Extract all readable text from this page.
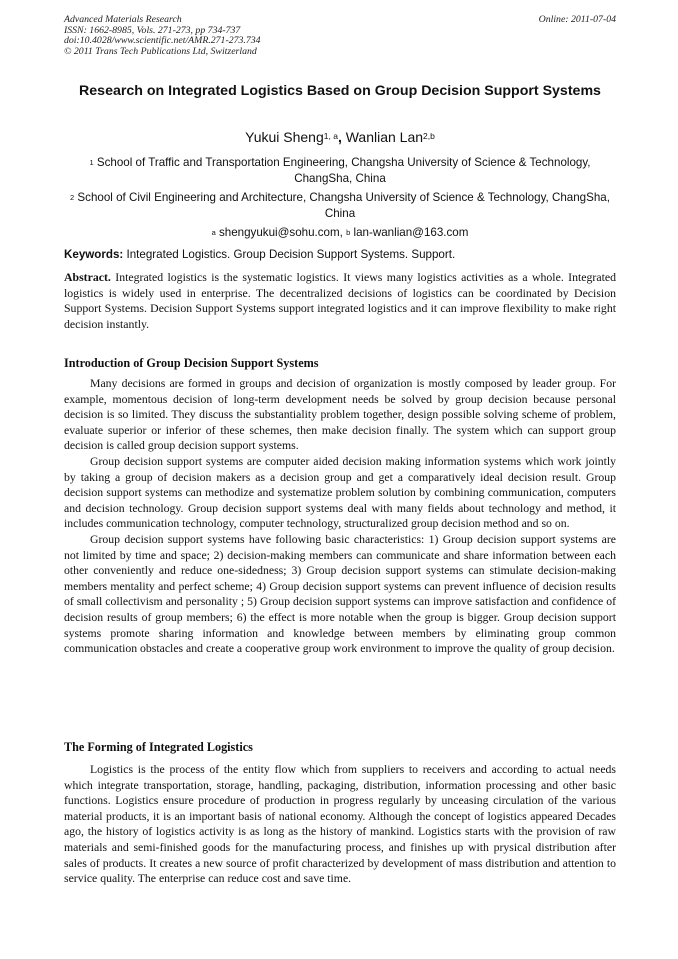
Advanced Materials Research
ISSN: 1662-8985, Vols. 271-273, pp 734-737
doi:10.4028/www.scientific.net/AMR.271-273.734
© 2011 Trans Tech Publications Ltd, Switzerland
Online: 2011-07-04
Research on Integrated Logistics Based on Group Decision Support Systems
Yukui Sheng$^{1, a}$, Wanlian Lan$^{2,b}$
$^1$ School of Traffic and Transportation Engineering, Changsha University of Science & Technology, ChangSha, China
$^2$ School of Civil Engineering and Architecture, Changsha University of Science & Technology, ChangSha, China
$^a$ shengyukui@sohu.com, $^b$ lan-wanlian@163.com
Keywords: Integrated Logistics. Group Decision Support Systems. Support.
Abstract. Integrated logistics is the systematic logistics. It views many logistics activities as a whole. Integrated logistics is widely used in enterprise. The decentralized decisions of logistics can be coordinated by Decision Support Systems. Decision Support Systems support integrated logistics and it can improve flexibility to make right decision instantly.
Introduction of Group Decision Support Systems

Many decisions are formed in groups and decision of organization is mostly composed by leader group. For example, momentous decision of long-term development needs be solved by group decision because personal decision is so limited. They discuss the substantiality problem together, design possible solving scheme of problem, evaluate superior or inferior of these schemes, then make decision finally. The system which can support group decision is called group decision support systems.

Group decision support systems are computer aided decision making information systems which work jointly by taking a group of decision makers as a decision group and get a comparatively ideal decision result. Group decision support systems can methodize and systematize problem solution by combining communication, computers and decision technology. Group decision support systems deal with many fields about technology and method, it includes communication technology, computer technology, structuralized group decision method and so on.

Group decision support systems have following basic characteristics: 1) Group decision support systems are not limited by time and space; 2) decision-making members can communicate and share information between each other conveniently and reduce one-sidedness; 3) Group decision support systems can stimulate decision-making members mentality and perfect scheme; 4) Group decision support systems can prevent influence of decision results of small collectivism and personality ; 5) Group decision support systems can improve satisfaction and confidence of decision results of group members; 6) the effect is more notable when the group is bigger. Group decision support systems promote sharing information and knowledge between members by eliminating group common communication obstacles and create a cooperative group work environment to improve the quality of group decision.

The Forming of Integrated Logistics

Logistics is the process of the entity flow which from suppliers to receivers and according to actual needs which integrate transportation, storage, handling, packaging, distribution, information processing and other basic functions. Logistics ensure procedure of production in progress regularly by unceasing circulation of the various material products, it is an important basis of national economy. Although the concept of logistics appeared Decades ago, the history of logistics activity is as long as the history of mankind. Logistics starts with the provision of raw materials and semi-finished goods for the manufacturing process, and finishes up with prysical distribution after sales of products. It creates a new source of profit characterized by development of mass distribution and attention to service quality. The enterprise can reduce cost and save time.
